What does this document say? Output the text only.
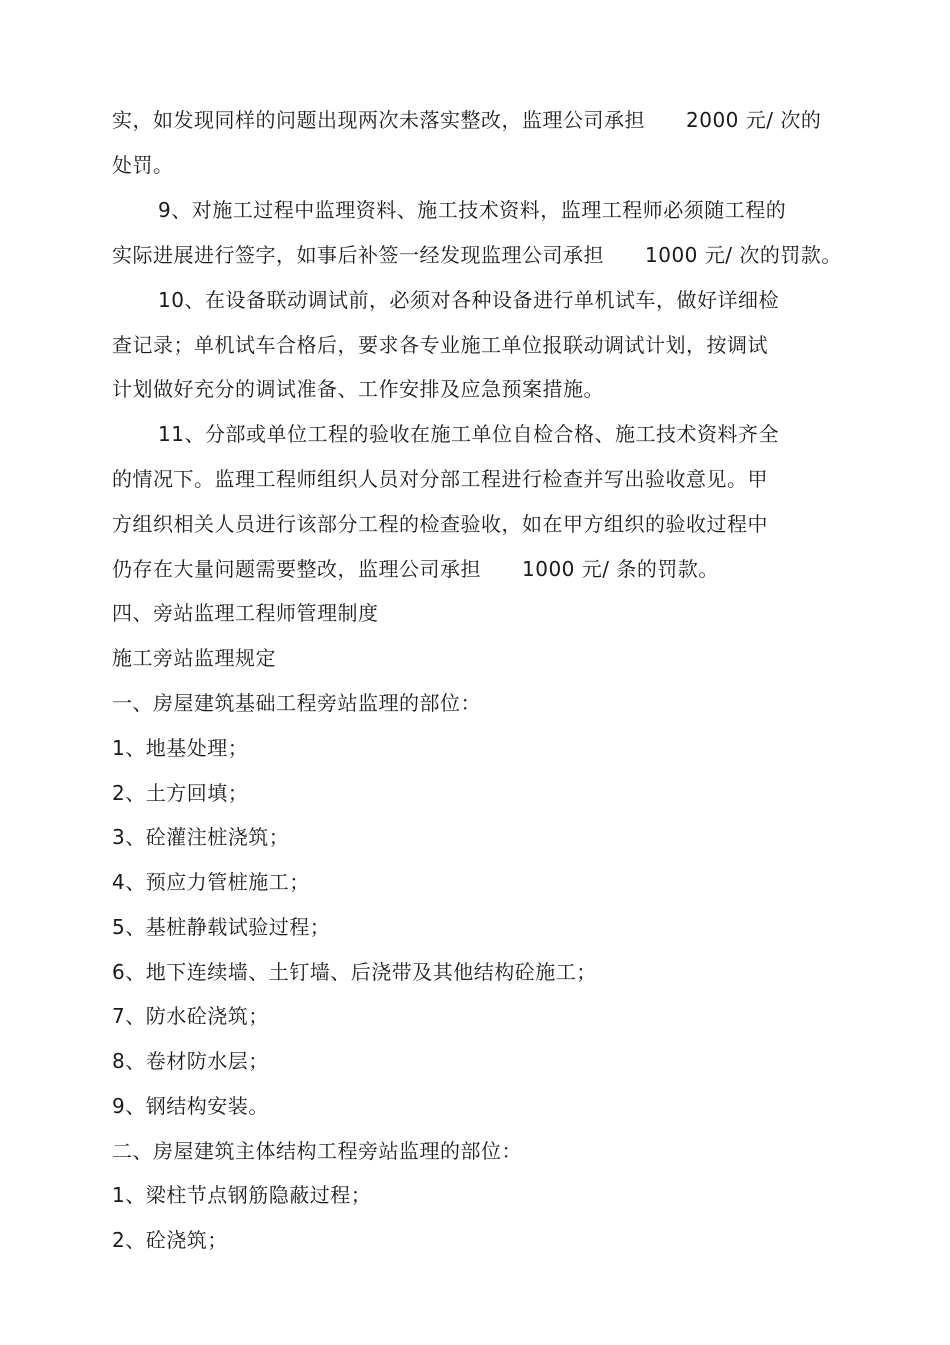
实，如发现同样的问题出现两次未落实整改，监理公司承担　　2000 元/ 次的
处罚。
9、对施工过程中监理资料、施工技术资料，监理工程师必须随工程的
实际进展进行签字，如事后补签一经发现监理公司承担　　1000 元/ 次的罚款。
10、在设备联动调试前，必须对各种设备进行单机试车，做好详细检
查记录；单机试车合格后，要求各专业施工单位报联动调试计划，按调试
计划做好充分的调试准备、工作安排及应急预案措施。
11、分部或单位工程的验收在施工单位自检合格、施工技术资料齐全
的情况下。监理工程师组织人员对分部工程进行检查并写出验收意见。甲
方组织相关人员进行该部分工程的检查验收，如在甲方组织的验收过程中
仍存在大量问题需要整改，监理公司承担　　1000 元/ 条的罚款。
四、旁站监理工程师管理制度
施工旁站监理规定
一、房屋建筑基础工程旁站监理的部位：
1、地基处理；
2、土方回填；
3、砼灌注桩浇筑；
4、预应力管桩施工；
5、基桩静载试验过程；
6、地下连续墙、土钉墙、后浇带及其他结构砼施工；
7、防水砼浇筑；
8、卷材防水层；
9、钢结构安装。
二、房屋建筑主体结构工程旁站监理的部位：
1、梁柱节点钢筋隐蔽过程；
2、砼浇筑；
